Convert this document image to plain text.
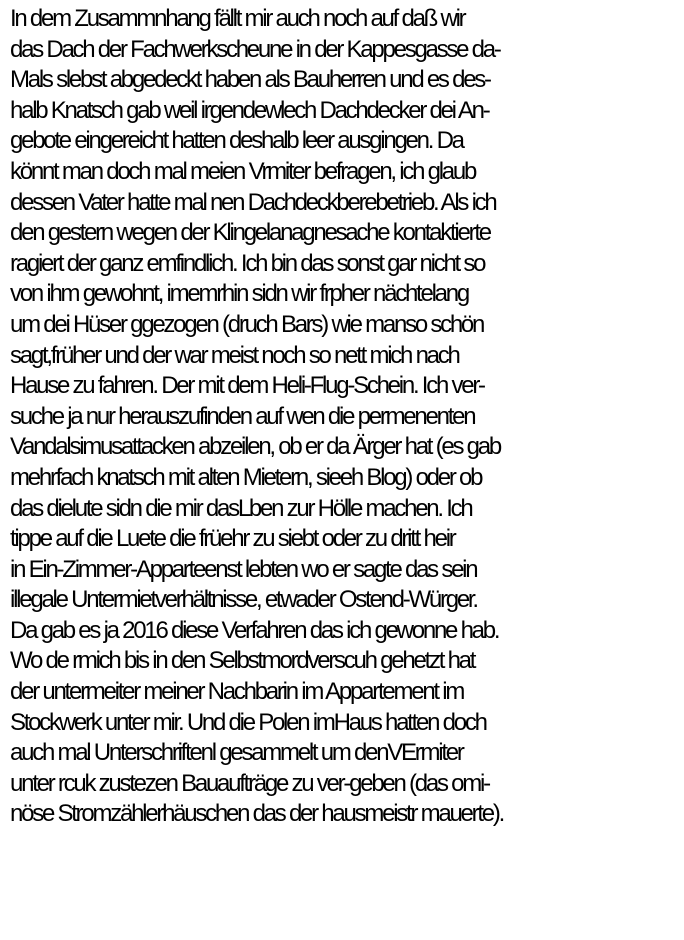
In dem Zusammnhang fällt mir auch noch auf daß wir
das Dach der Fachwerkscheune in der Kappesgasse da-
Mals slebst abgedeckt haben als Bauherren und es des-
halb Knatsch gab weil irgendewlech Dachdecker dei An-
gebote eingereicht hatten deshalb leer ausgingen. Da
könnt man doch mal meien Vrmiter befragen, ich glaub
dessen Vater hatte mal nen Dachdeckberebetrieb. Als ich
den gestern wegen der Klingelanagnesache kontaktierte
ragiert der ganz emfindlich. Ich bin das sonst gar nicht so
von ihm gewohnt, imemrhin sidn wir frpher nächtelang
um dei Hüser ggezogen (druch Bars) wie manso schön
sagt,früher und der war meist noch so nett mich nach
Hause zu fahren. Der mit dem Heli-Flug-Schein. Ich ver-
suche ja nur herauszufinden auf wen die permenenten
Vandalsimusattacken abzeilen, ob er da Ärger hat (es gab
mehrfach knatsch mit alten Mietern, sieeh Blog) oder ob
das dielute sidn die mir dasLben zur Hölle machen. Ich
tippe auf die Luete die früehr zu siebt oder zu dritt heir
in Ein-Zimmer-Apparteenst lebten wo er sagte das sein
illegale Untermietverhältnisse, etwader Ostend-Würger.
Da gab es ja 2016 diese Verfahren das ich gewonne hab.
Wo de rmich bis in den Selbstmordverscuh gehetzt hat
der untermeiter meiner Nachbarin im Appartement im
Stockwerk unter mir. Und die Polen imHaus hatten doch
auch mal Unterschriftenl gesammelt um denVErmiter
unter rcuk zustezen Bauaufträge zu ver-geben (das omi-
nöse Stromzählerhäuschen das der hausmeistr mauerte).
